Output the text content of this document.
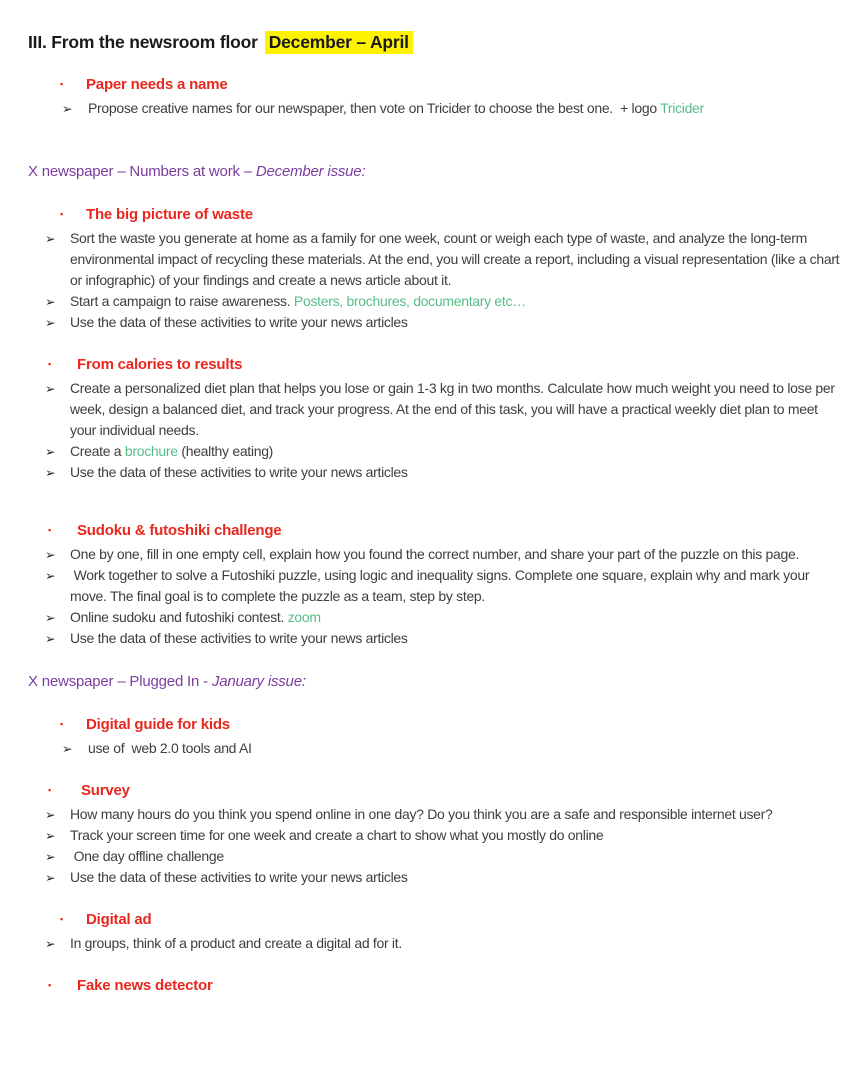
III. From the newsroom floor December – April
▪	Paper needs a name
➢	Propose creative names for our newspaper, then vote on Tricider to choose the best one.  + logo Tricider
X newspaper – Numbers at work – December issue:
▪	The big picture of waste
➢	Sort the waste you generate at home as a family for one week, count or weigh each type of waste, and analyze the long-term environmental impact of recycling these materials. At the end, you will create a report, including a visual representation (like a chart or infographic) of your findings and create a news article about it.
➢	Start a campaign to raise awareness. Posters, brochures, documentary etc…
➢	Use the data of these activities to write your news articles
▪	From calories to results
➢	Create a personalized diet plan that helps you lose or gain 1-3 kg in two months. Calculate how much weight you need to lose per week, design a balanced diet, and track your progress. At the end of this task, you will have a practical weekly diet plan to meet your individual needs.
➢	Create a brochure (healthy eating)
➢	Use the data of these activities to write your news articles
▪	Sudoku & futoshiki challenge
➢	One by one, fill in one empty cell, explain how you found the correct number, and share your part of the puzzle on this page.
➢	Work together to solve a Futoshiki puzzle, using logic and inequality signs. Complete one square, explain why and mark your move. The final goal is to complete the puzzle as a team, step by step.
➢	Online sudoku and futoshiki contest. zoom
➢	Use the data of these activities to write your news articles
X newspaper – Plugged In - January issue:
▪	Digital guide for kids
➢	use of  web 2.0 tools and AI
▪	Survey
➢	How many hours do you think you spend online in one day? Do you think you are a safe and responsible internet user?
➢	Track your screen time for one week and create a chart to show what you mostly do online
➢	One day offline challenge
➢	Use the data of these activities to write your news articles
▪	Digital ad
➢	In groups, think of a product and create a digital ad for it.
▪	Fake news detector
